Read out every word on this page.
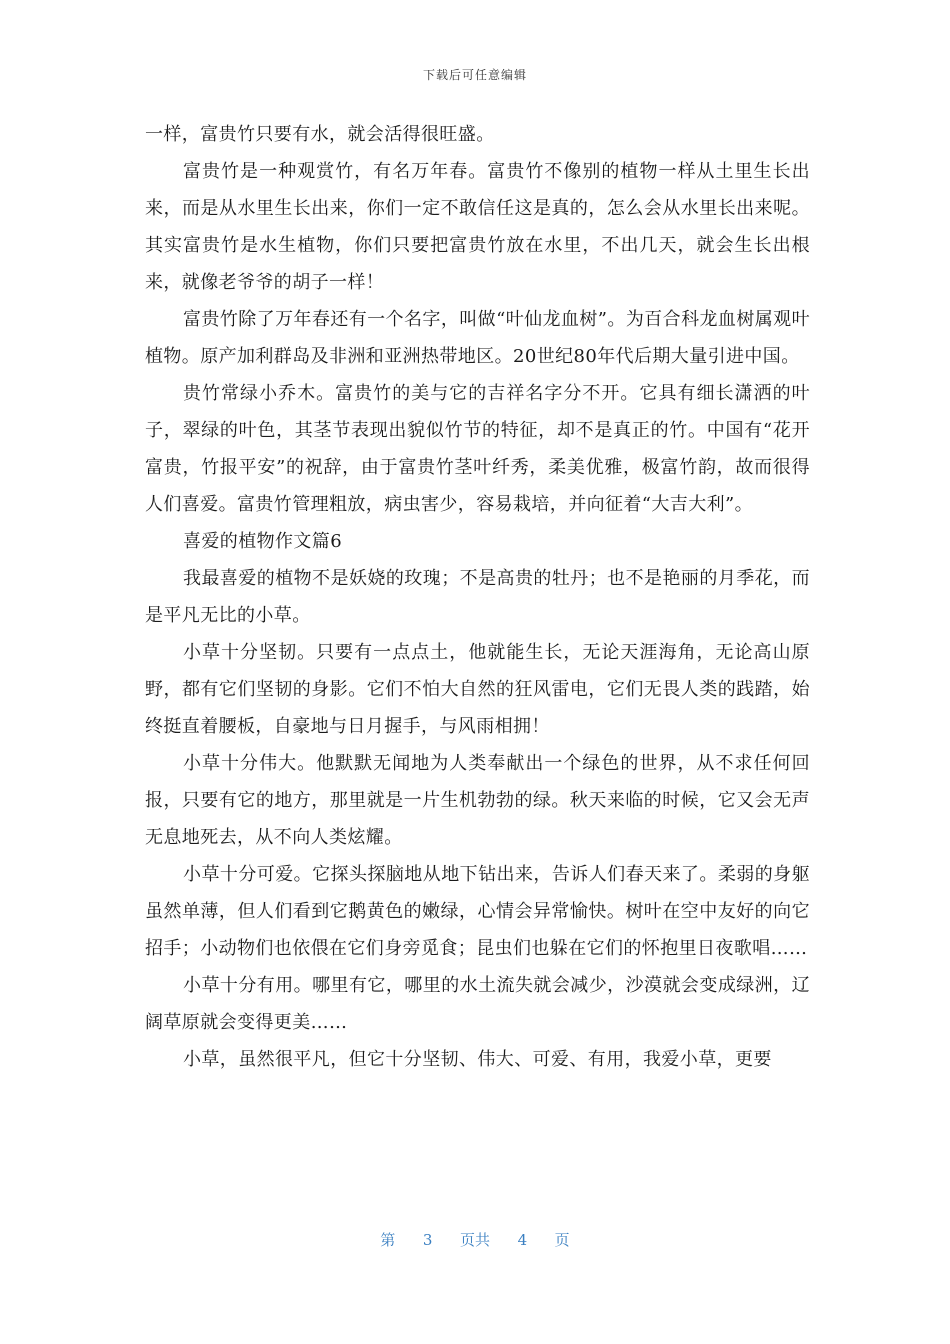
下载后可任意编辑

一样，富贵竹只要有水，就会活得很旺盛。

富贵竹是一种观赏竹，有名万年春。富贵竹不像别的植物一样从土里生长出来，而是从水里生长出来，你们一定不敢信任这是真的，怎么会从水里长出来呢。其实富贵竹是水生植物，你们只要把富贵竹放在水里，不出几天，就会生长出根来，就像老爷爷的胡子一样！

富贵竹除了万年春还有一个名字，叫做“叶仙龙血树”。为百合科龙血树属观叶植物。原产加利群岛及非洲和亚洲热带地区。20世纪80年代后期大量引进中国。

贵竹常绿小乔木。富贵竹的美与它的吉祥名字分不开。它具有细长潇洒的叶子，翠绿的叶色，其茎节表现出貌似竹节的特征，却不是真正的竹。中国有“花开富贵，竹报平安”的祝辞，由于富贵竹茎叶纤秀，柔美优雅，极富竹韵，故而很得人们喜爱。富贵竹管理粗放，病虫害少，容易栽培，并向征着“大吉大利”。

喜爱的植物作文篇6

我最喜爱的植物不是妖娆的玫瑰；不是高贵的牡丹；也不是艳丽的月季花，而是平凡无比的小草。

小草十分坚韧。只要有一点点土，他就能生长，无论天涯海角，无论高山原野，都有它们坚韧的身影。它们不怕大自然的狂风雷电，它们无畏人类的践踏，始终挺直着腰板，自豪地与日月握手，与风雨相拥！

小草十分伟大。他默默无闻地为人类奉献出一个绿色的世界，从不求任何回报，只要有它的地方，那里就是一片生机勃勃的绿。秋天来临的时候，它又会无声无息地死去，从不向人类炫耀。

小草十分可爱。它探头探脑地从地下钻出来，告诉人们春天来了。柔弱的身躯虽然单薄，但人们看到它鹅黄色的嫩绿，心情会异常愉快。树叶在空中友好的向它招手；小动物们也依偎在它们身旁觅食；昆虫们也躲在它们的怀抱里日夜歌唱……

小草十分有用。哪里有它，哪里的水土流失就会减少，沙漠就会变成绿洲，辽阔草原就会变得更美……

小草，虽然很平凡，但它十分坚韧、伟大、可爱、有用，我爱小草，更要

第 3 页共 4 页
